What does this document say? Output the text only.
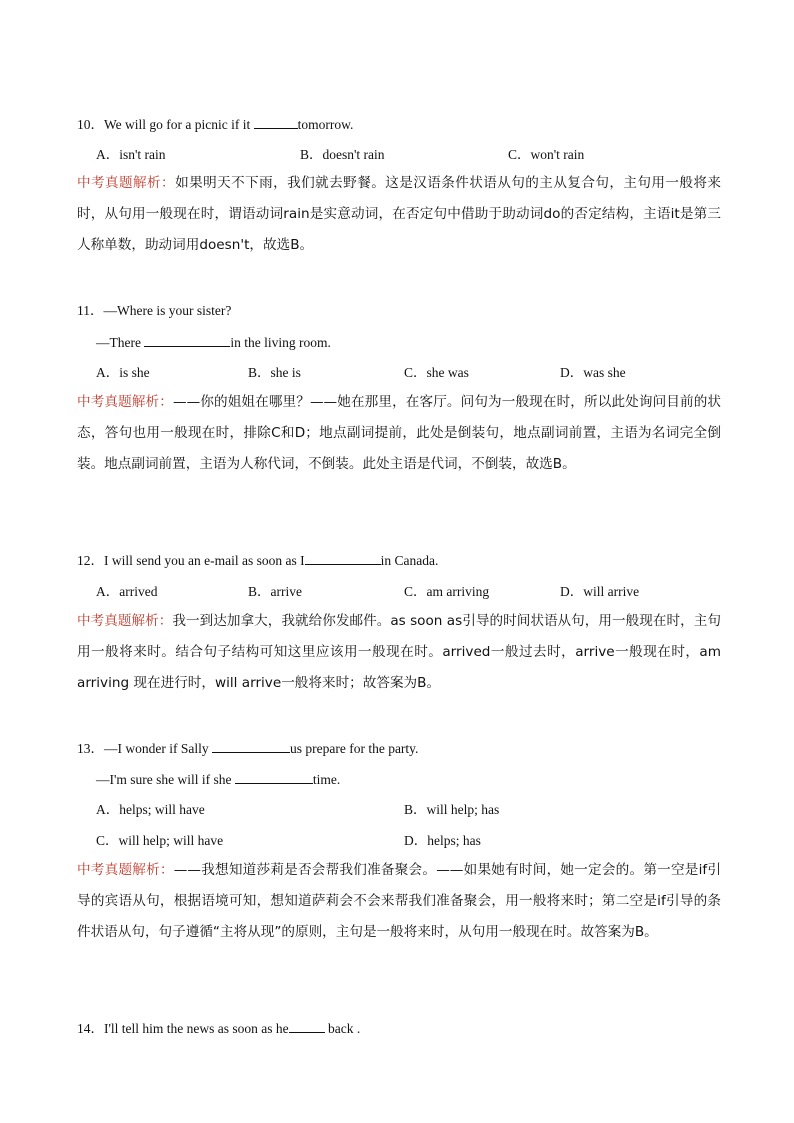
10．We will go for a picnic if it	tomorrow.
A．isn't rain	B．doesn't rain	C．won't rain
中考真题解析：如果明天不下雨，我们就去野餐。这是汉语条件状语从句的主从复合句，主句用一般将来时，从句用一般现在时，谓语动词rain是实意动词，在否定句中借助于助动词do的否定结构，主语it是第三人称单数，助动词用doesn't，故选B。
11．—Where is your sister?
—There	in the living room.
A．is she	B．she is	C．she was	D．was she
中考真题解析：——你的姐姐在哪里？——她在那里，在客厅。问句为一般现在时，所以此处询问目前的状态，答句也用一般现在时，排除C和D；地点副词提前，此处是倒装句，地点副词前置，主语为名词完全倒装。地点副词前置，主语为人称代词，不倒装。此处主语是代词，不倒装，故选B。
12．I will send you an e-mail as soon as I	in Canada.
A．arrived	B．arrive	C．am arriving	D．will arrive
中考真题解析：我一到达加拿大，我就给你发邮件。as soon as引导的时间状语从句，用一般现在时，主句用一般将来时。结合句子结构可知这里应该用一般现在时。arrived一般过去时，arrive一般现在时，am arriving 现在进行时，will arrive一般将来时；故答案为B。
13．—I wonder if Sally	us prepare for the party.
—I'm sure she will if she	time.
A．helps; will have	B．will help; has
C．will help; will have	D．helps; has
中考真题解析：——我想知道莎莉是否会帮我们准备聚会。——如果她有时间，她一定会的。第一空是if引导的宾语从句，根据语境可知，想知道萨莉会不会来帮我们准备聚会，用一般将来时；第二空是if引导的条件状语从句，句子遵循“主将从现”的原则，主句是一般将来时，从句用一般现在时。故答案为B。
14．I'll tell him the news as soon as he	back .
